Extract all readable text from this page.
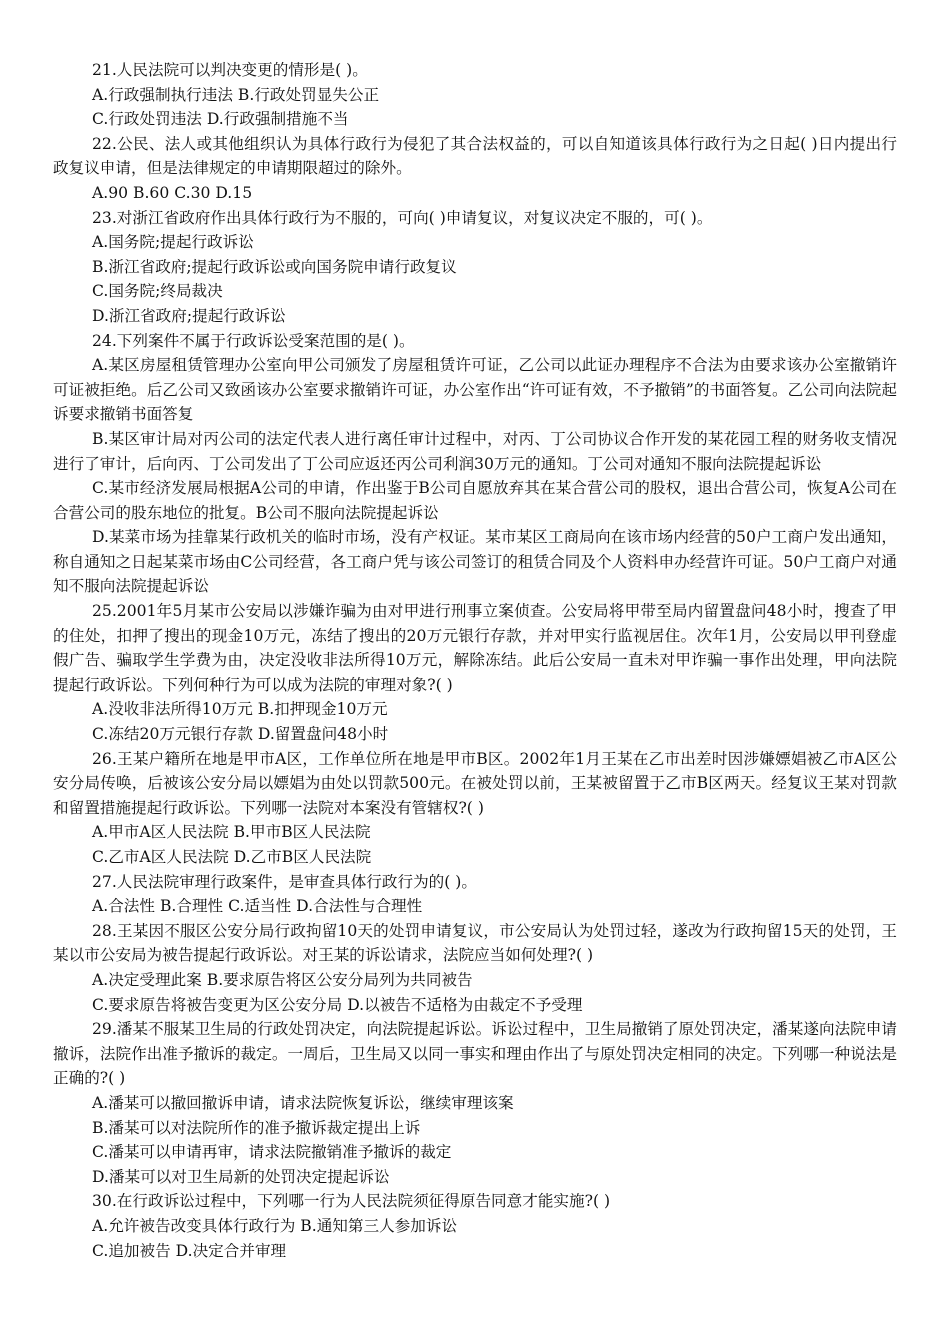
21.人民法院可以判决变更的情形是( )。

A.行政强制执行违法 B.行政处罚显失公正

C.行政处罚违法 D.行政强制措施不当

22.公民、法人或其他组织认为具体行政行为侵犯了其合法权益的，可以自知道该具体行政行为之日起( )日内提出行政复议申请，但是法律规定的申请期限超过的除外。

A.90 B.60 C.30 D.15

23.对浙江省政府作出具体行政行为不服的，可向( )申请复议，对复议决定不服的，可( )。

A.国务院;提起行政诉讼

B.浙江省政府;提起行政诉讼或向国务院申请行政复议

C.国务院;终局裁决

D.浙江省政府;提起行政诉讼

24.下列案件不属于行政诉讼受案范围的是( )。

A.某区房屋租赁管理办公室向甲公司颁发了房屋租赁许可证，乙公司以此证办理程序不合法为由要求该办公室撤销许可证被拒绝。后乙公司又致函该办公室要求撤销许可证，办公室作出“许可证有效，不予撤销”的书面答复。乙公司向法院起诉要求撤销书面答复

B.某区审计局对丙公司的法定代表人进行离任审计过程中，对丙、丁公司协议合作开发的某花园工程的财务收支情况进行了审计，后向丙、丁公司发出了丁公司应返还丙公司利润30万元的通知。丁公司对通知不服向法院提起诉讼

C.某市经济发展局根据A公司的申请，作出鉴于B公司自愿放弃其在某合营公司的股权，退出合营公司，恢复A公司在合营公司的股东地位的批复。B公司不服向法院提起诉讼

D.某菜市场为挂靠某行政机关的临时市场，没有产权证。某市某区工商局向在该市场内经营的50户工商户发出通知，称自通知之日起某菜市场由C公司经营，各工商户凭与该公司签订的租赁合同及个人资料申办经营许可证。50户工商户对通知不服向法院提起诉讼

25.2001年5月某市公安局以涉嫌诈骗为由对甲进行刑事立案侦查。公安局将甲带至局内留置盘问48小时，搜查了甲的住处，扣押了搜出的现金10万元，冻结了搜出的20万元银行存款，并对甲实行监视居住。次年1月，公安局以甲刊登虚假广告、骗取学生学费为由，决定没收非法所得10万元，解除冻结。此后公安局一直未对甲诈骗一事作出处理，甲向法院提起行政诉讼。下列何种行为可以成为法院的审理对象?( )

A.没收非法所得10万元 B.扣押现金10万元

C.冻结20万元银行存款 D.留置盘问48小时

26.王某户籍所在地是甲市A区，工作单位所在地是甲市B区。2002年1月王某在乙市出差时因涉嫌嫖娼被乙市A区公安分局传唤，后被该公安分局以嫖娼为由处以罚款500元。在被处罚以前，王某被留置于乙市B区两天。经复议王某对罚款和留置措施提起行政诉讼。下列哪一法院对本案没有管辖权?( )

A.甲市A区人民法院 B.甲市B区人民法院

C.乙市A区人民法院 D.乙市B区人民法院

27.人民法院审理行政案件，是审查具体行政行为的( )。

A.合法性 B.合理性 C.适当性 D.合法性与合理性

28.王某因不服区公安分局行政拘留10天的处罚申请复议，市公安局认为处罚过轻，遂改为行政拘留15天的处罚，王某以市公安局为被告提起行政诉讼。对王某的诉讼请求，法院应当如何处理?( )

A.决定受理此案 B.要求原告将区公安分局列为共同被告

C.要求原告将被告变更为区公安分局 D.以被告不适格为由裁定不予受理

29.潘某不服某卫生局的行政处罚决定，向法院提起诉讼。诉讼过程中，卫生局撤销了原处罚决定，潘某遂向法院申请撤诉，法院作出准予撤诉的裁定。一周后，卫生局又以同一事实和理由作出了与原处罚决定相同的决定。下列哪一种说法是正确的?( )

A.潘某可以撤回撤诉申请，请求法院恢复诉讼，继续审理该案

B.潘某可以对法院所作的准予撤诉裁定提出上诉

C.潘某可以申请再审，请求法院撤销准予撤诉的裁定

D.潘某可以对卫生局新的处罚决定提起诉讼

30.在行政诉讼过程中，下列哪一行为人民法院须征得原告同意才能实施?( )

A.允许被告改变具体行政行为 B.通知第三人参加诉讼

C.追加被告 D.决定合并审理
